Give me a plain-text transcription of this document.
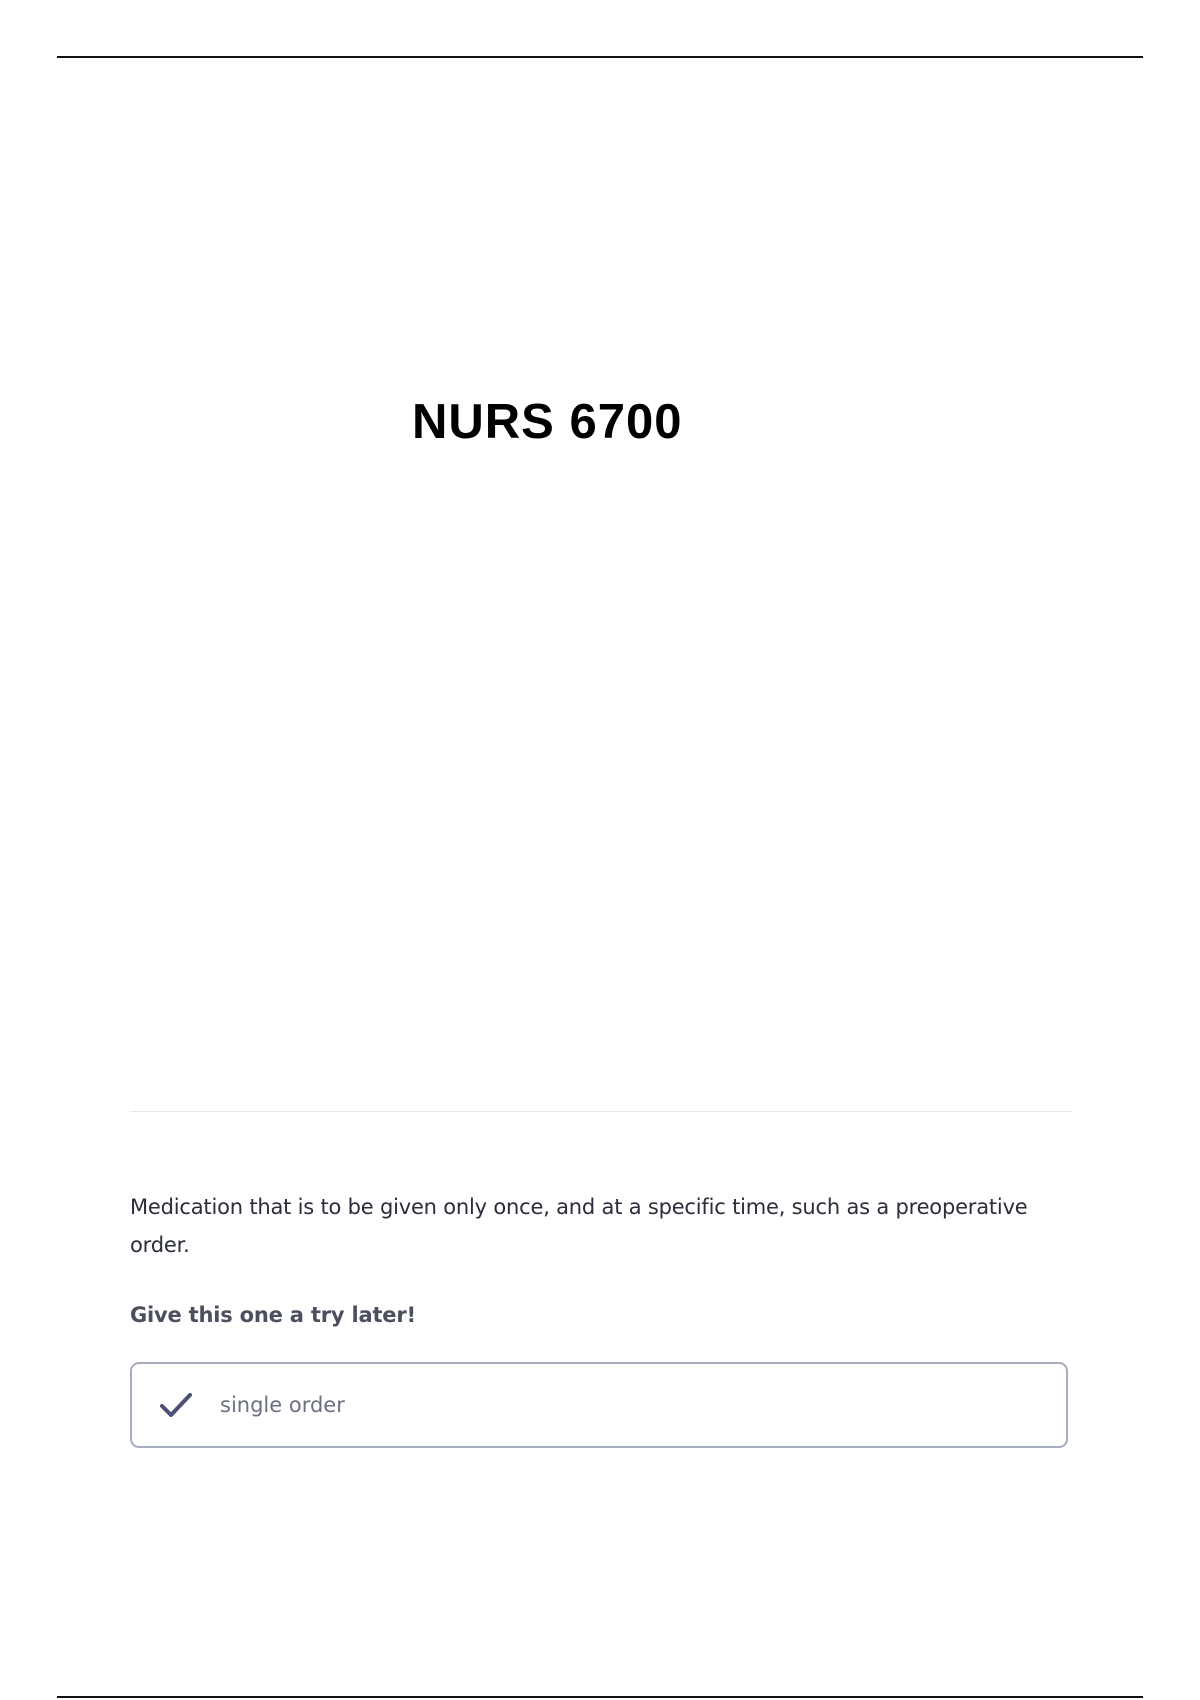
NURS 6700

Medication that is to be given only once, and at a specific time, such as a preoperative order.

Give this one a try later!

single order
